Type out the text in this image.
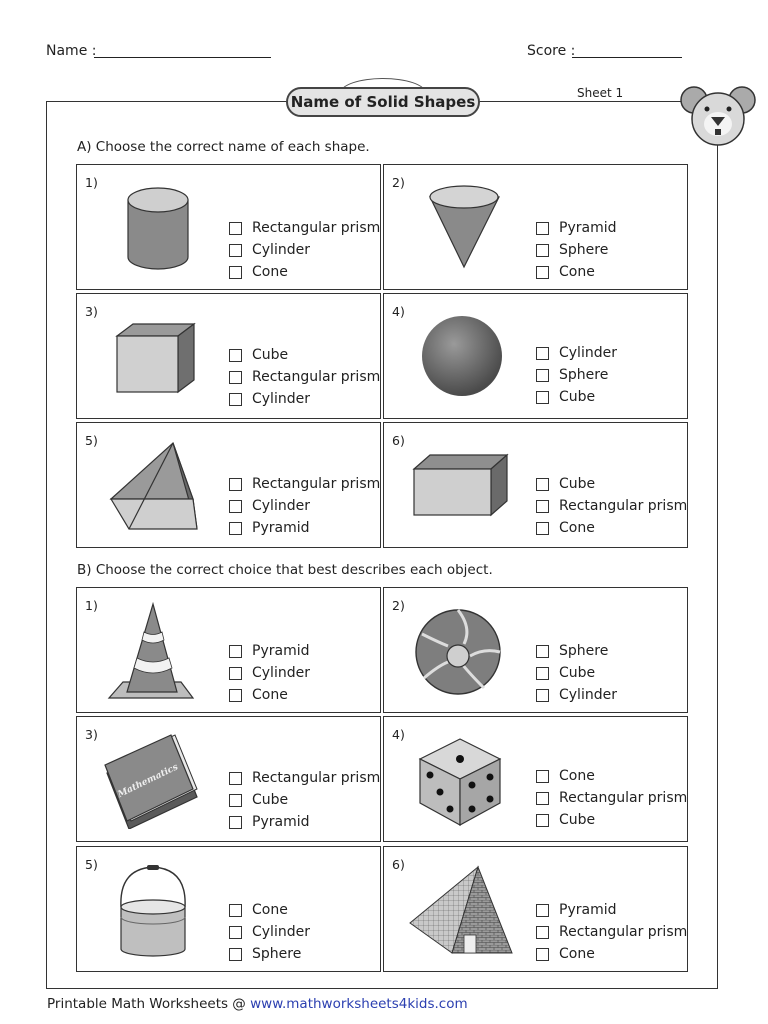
Name :	Score :
Name of Solid Shapes	Sheet 1
A) Choose the correct name of each shape.
1)
Rectangular prism
Cylinder
Cone
2)
Pyramid
Sphere
Cone
3)
Cube
Rectangular prism
Cylinder
4)
Cylinder
Sphere
Cube
5)
Rectangular prism
Cylinder
Pyramid
6)
Cube
Rectangular prism
Cone
B) Choose the correct choice that best describes each object.
1)
Pyramid
Cylinder
Cone
2)
Sphere
Cube
Cylinder
3)
Mathematics	Rectangular prism
Cube
Pyramid
4)
Cone
Rectangular prism
Cube
5)
Cone
Cylinder
Sphere
6)
Pyramid
Rectangular prism
Cone
Printable Math Worksheets @ www.mathworksheets4kids.com
